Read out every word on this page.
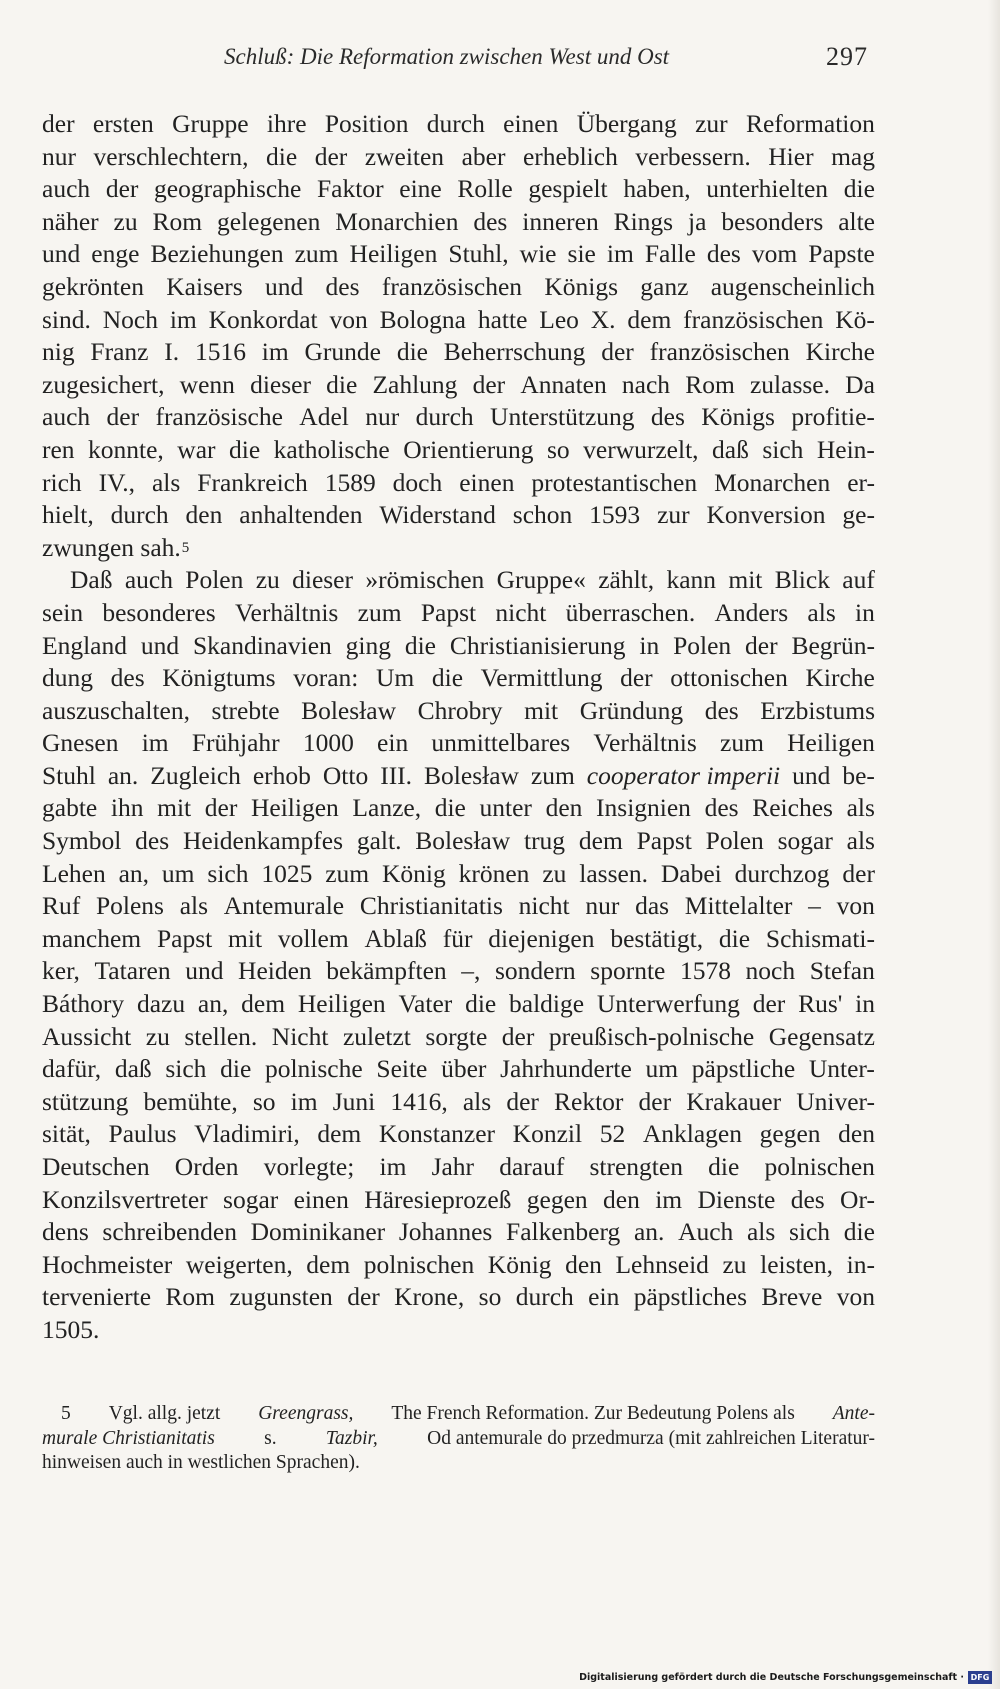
Schluß: Die Reformation zwischen West und Ost	297
der ersten Gruppe ihre Position durch einen Übergang zur Reformation
nur verschlechtern, die der zweiten aber erheblich verbessern. Hier mag
auch der geographische Faktor eine Rolle gespielt haben, unterhielten die
näher zu Rom gelegenen Monarchien des inneren Rings ja besonders alte
und enge Beziehungen zum Heiligen Stuhl, wie sie im Falle des vom Papste
gekrönten Kaisers und des französischen Königs ganz augenscheinlich
sind. Noch im Konkordat von Bologna hatte Leo X. dem französischen Kö-
nig Franz I. 1516 im Grunde die Beherrschung der französischen Kirche
zugesichert, wenn dieser die Zahlung der Annaten nach Rom zulasse. Da
auch der französische Adel nur durch Unterstützung des Königs profitie-
ren konnte, war die katholische Orientierung so verwurzelt, daß sich Hein-
rich IV., als Frankreich 1589 doch einen protestantischen Monarchen er-
hielt, durch den anhaltenden Widerstand schon 1593 zur Konversion ge-
zwungen sah. 5
Daß auch Polen zu dieser »römischen Gruppe« zählt, kann mit Blick auf
sein besonderes Verhältnis zum Papst nicht überraschen. Anders als in
England und Skandinavien ging die Christianisierung in Polen der Begrün-
dung des Königtums voran: Um die Vermittlung der ottonischen Kirche
auszuschalten, strebte Bolesław Chrobry mit Gründung des Erzbistums
Gnesen im Frühjahr 1000 ein unmittelbares Verhältnis zum Heiligen
Stuhl an. Zugleich erhob Otto III. Bolesław zum cooperator imperii und be-
gabte ihn mit der Heiligen Lanze, die unter den Insignien des Reiches als
Symbol des Heidenkampfes galt. Bolesław trug dem Papst Polen sogar als
Lehen an, um sich 1025 zum König krönen zu lassen. Dabei durchzog der
Ruf Polens als Antemurale Christianitatis nicht nur das Mittelalter – von
manchem Papst mit vollem Ablaß für diejenigen bestätigt, die Schismati-
ker, Tataren und Heiden bekämpften –, sondern spornte 1578 noch Stefan
Báthory dazu an, dem Heiligen Vater die baldige Unterwerfung der Rus' in
Aussicht zu stellen. Nicht zuletzt sorgte der preußisch-polnische Gegensatz
dafür, daß sich die polnische Seite über Jahrhunderte um päpstliche Unter-
stützung bemühte, so im Juni 1416, als der Rektor der Krakauer Univer-
sität, Paulus Vladimiri, dem Konstanzer Konzil 52 Anklagen gegen den
Deutschen Orden vorlegte; im Jahr darauf strengten die polnischen
Konzilsvertreter sogar einen Häresieprozeß gegen den im Dienste des Or-
dens schreibenden Dominikaner Johannes Falkenberg an. Auch als sich die
Hochmeister weigerten, dem polnischen König den Lehnseid zu leisten, in-
tervenierte Rom zugunsten der Krone, so durch ein päpstliches Breve von
1505.
5 Vgl. allg. jetzt Greengrass, The French Reformation. Zur Bedeutung Polens als Ante-
murale Christianitatis	s.	Tazbir,	Od antemurale do przedmurza (mit zahlreichen Literatur-
hinweisen auch in westlichen Sprachen).
Digitalisierung gefördert durch die Deutsche Forschungsgemeinschaft · DFG
